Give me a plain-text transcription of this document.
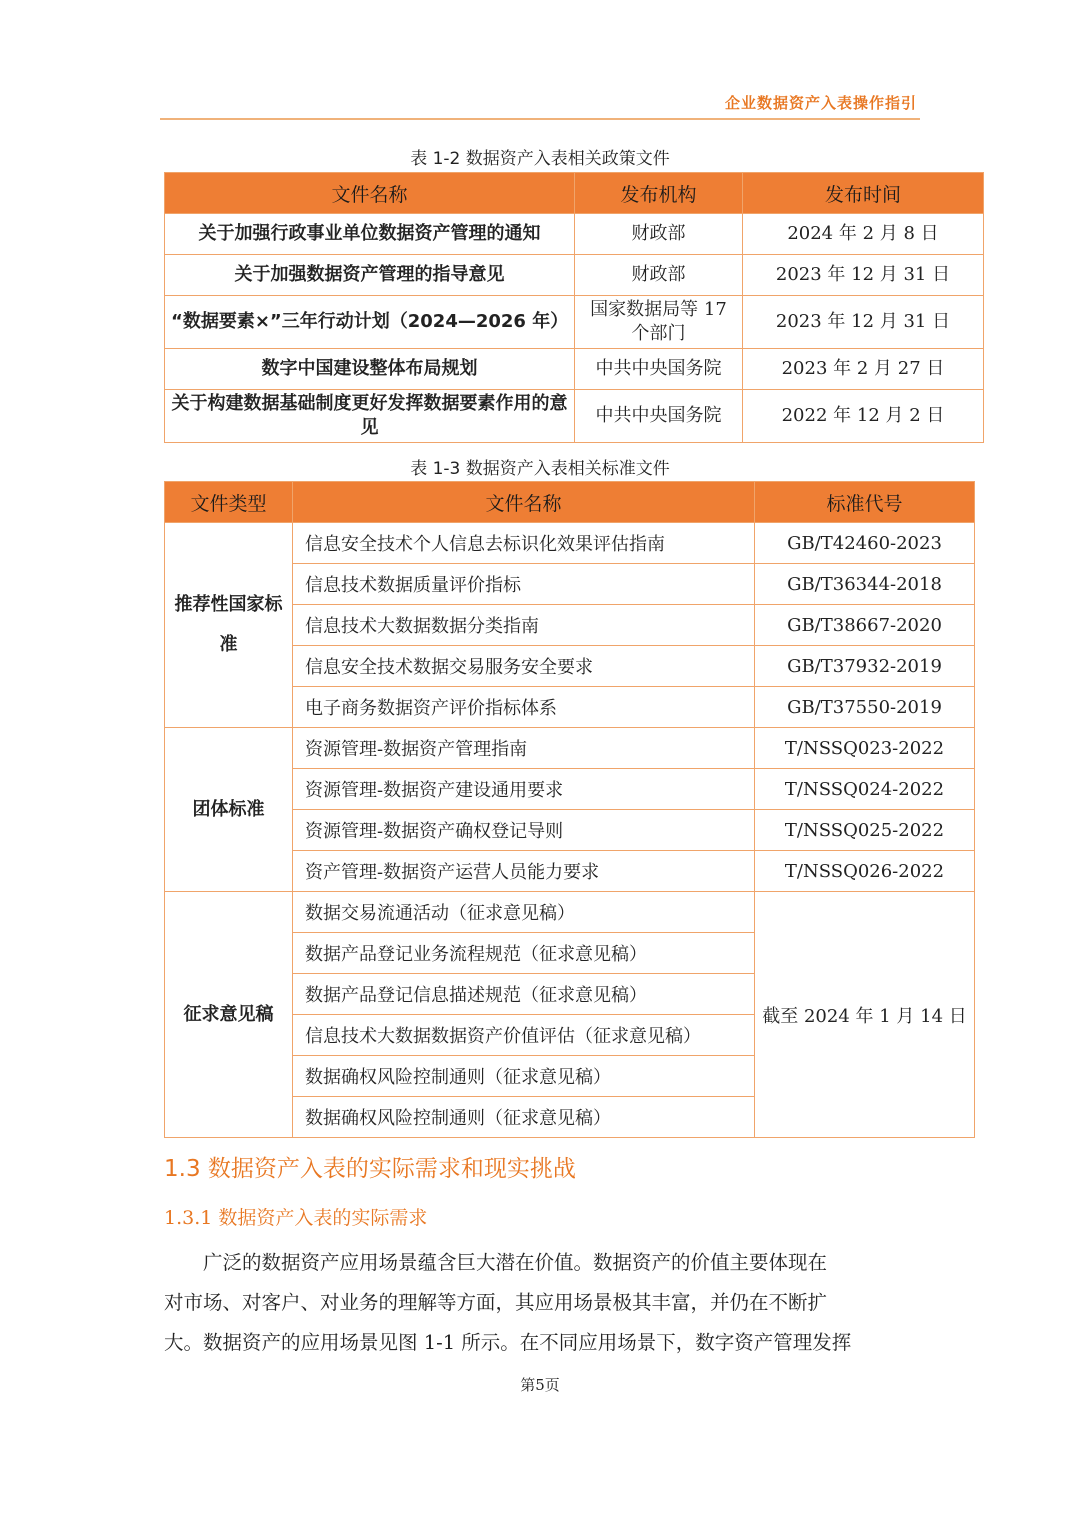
企业数据资产入表操作指引
表 1-2 数据资产入表相关政策文件
文件名称	发布机构	发布时间
关于加强行政事业单位数据资产管理的通知	财政部	2024 年 2 月 8 日
关于加强数据资产管理的指导意见	财政部	2023 年 12 月 31 日
“数据要素×”三年行动计划（2024—2026 年）	国家数据局等 17 个部门	2023 年 12 月 31 日
数字中国建设整体布局规划	中共中央国务院	2023 年 2 月 27 日
关于构建数据基础制度更好发挥数据要素作用的意见	中共中央国务院	2022 年 12 月 2 日
表 1-3 数据资产入表相关标准文件
文件类型	文件名称	标准代号
推荐性国家标准	信息安全技术个人信息去标识化效果评估指南	GB/T42460-2023
	信息技术数据质量评价指标	GB/T36344-2018
	信息技术大数据数据分类指南	GB/T38667-2020
	信息安全技术数据交易服务安全要求	GB/T37932-2019
	电子商务数据资产评价指标体系	GB/T37550-2019
团体标准	资源管理-数据资产管理指南	T/NSSQ023-2022
	资源管理-数据资产建设通用要求	T/NSSQ024-2022
	资源管理-数据资产确权登记导则	T/NSSQ025-2022
	资产管理-数据资产运营人员能力要求	T/NSSQ026-2022
征求意见稿	数据交易流通活动（征求意见稿）	截至 2024 年 1 月 14 日
	数据产品登记业务流程规范（征求意见稿）	
	数据产品登记信息描述规范（征求意见稿）	
	信息技术大数据数据资产价值评估（征求意见稿）	
	数据确权风险控制通则（征求意见稿）	
	数据确权风险控制通则（征求意见稿）	
1.3 数据资产入表的实际需求和现实挑战
1.3.1 数据资产入表的实际需求
广泛的数据资产应用场景蕴含巨大潜在价值。数据资产的价值主要体现在
对市场、对客户、对业务的理解等方面，其应用场景极其丰富，并仍在不断扩
大。数据资产的应用场景见图 1-1 所示。在不同应用场景下，数字资产管理发挥
第5页
